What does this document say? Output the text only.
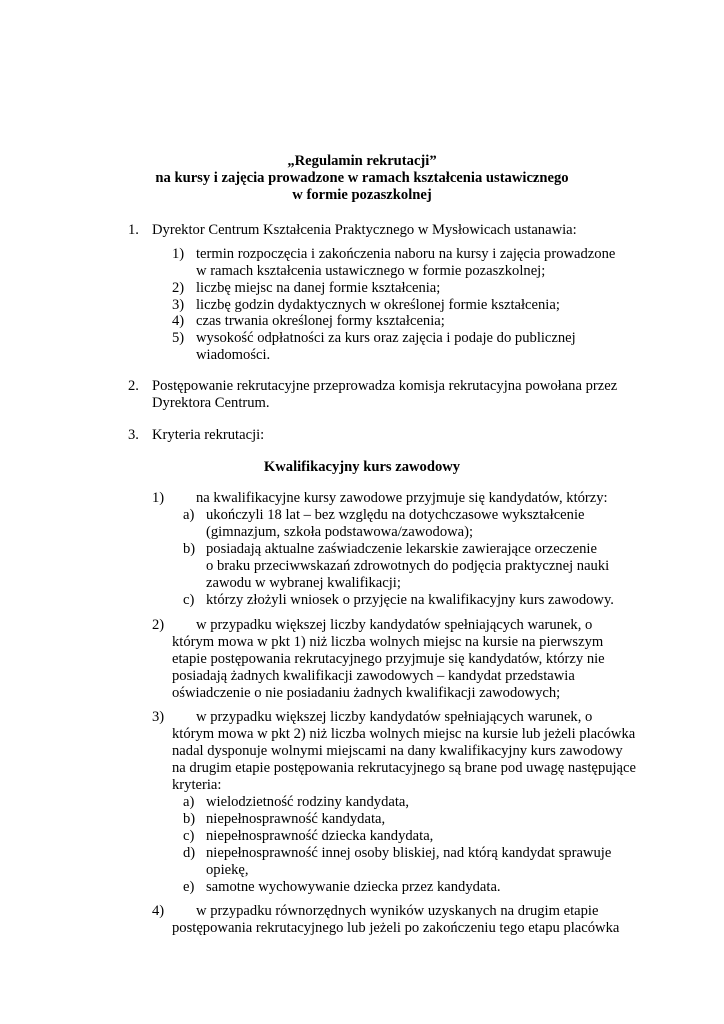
„Regulamin rekrutacji”
na kursy i zajęcia prowadzone w ramach kształcenia ustawicznego
w formie pozaszkolnej
1. Dyrektor Centrum Kształcenia Praktycznego w Mysłowicach ustanawia:
1) termin rozpoczęcia i zakończenia naboru na kursy i zajęcia prowadzone
w ramach kształcenia ustawicznego w formie pozaszkolnej;
2) liczbę miejsc na danej formie kształcenia;
3) liczbę godzin dydaktycznych w określonej formie kształcenia;
4) czas trwania określonej formy kształcenia;
5) wysokość odpłatności za kurs oraz zajęcia i podaje do publicznej
wiadomości.
2. Postępowanie rekrutacyjne przeprowadza komisja rekrutacyjna powołana przez
Dyrektora Centrum.
3. Kryteria rekrutacji:
Kwalifikacyjny kurs zawodowy
1) na kwalifikacyjne kursy zawodowe przyjmuje się kandydatów, którzy:
a) ukończyli 18 lat – bez względu na dotychczasowe wykształcenie
(gimnazjum, szkoła podstawowa/zawodowa);
b) posiadają aktualne zaświadczenie lekarskie zawierające orzeczenie
o braku przeciwwskazań zdrowotnych do podjęcia praktycznej nauki
zawodu w wybranej kwalifikacji;
c) którzy złożyli wniosek o przyjęcie na kwalifikacyjny kurs zawodowy.
2) w przypadku większej liczby kandydatów spełniających warunek, o
którym mowa w pkt 1) niż liczba wolnych miejsc na kursie na pierwszym
etapie postępowania rekrutacyjnego przyjmuje się kandydatów, którzy nie
posiadają żadnych kwalifikacji zawodowych – kandydat przedstawia
oświadczenie o nie posiadaniu żadnych kwalifikacji zawodowych;
3) w przypadku większej liczby kandydatów spełniających warunek, o
którym mowa w pkt 2) niż liczba wolnych miejsc na kursie lub jeżeli placówka
nadal dysponuje wolnymi miejscami na dany kwalifikacyjny kurs zawodowy
na drugim etapie postępowania rekrutacyjnego są brane pod uwagę następujące
kryteria:
a) wielodzietność rodziny kandydata,
b) niepełnosprawność kandydata,
c) niepełnosprawność dziecka kandydata,
d) niepełnosprawność innej osoby bliskiej, nad którą kandydat sprawuje
opiekę,
e) samotne wychowywanie dziecka przez kandydata.
4) w przypadku równorzędnych wyników uzyskanych na drugim etapie
postępowania rekrutacyjnego lub jeżeli po zakończeniu tego etapu placówka
